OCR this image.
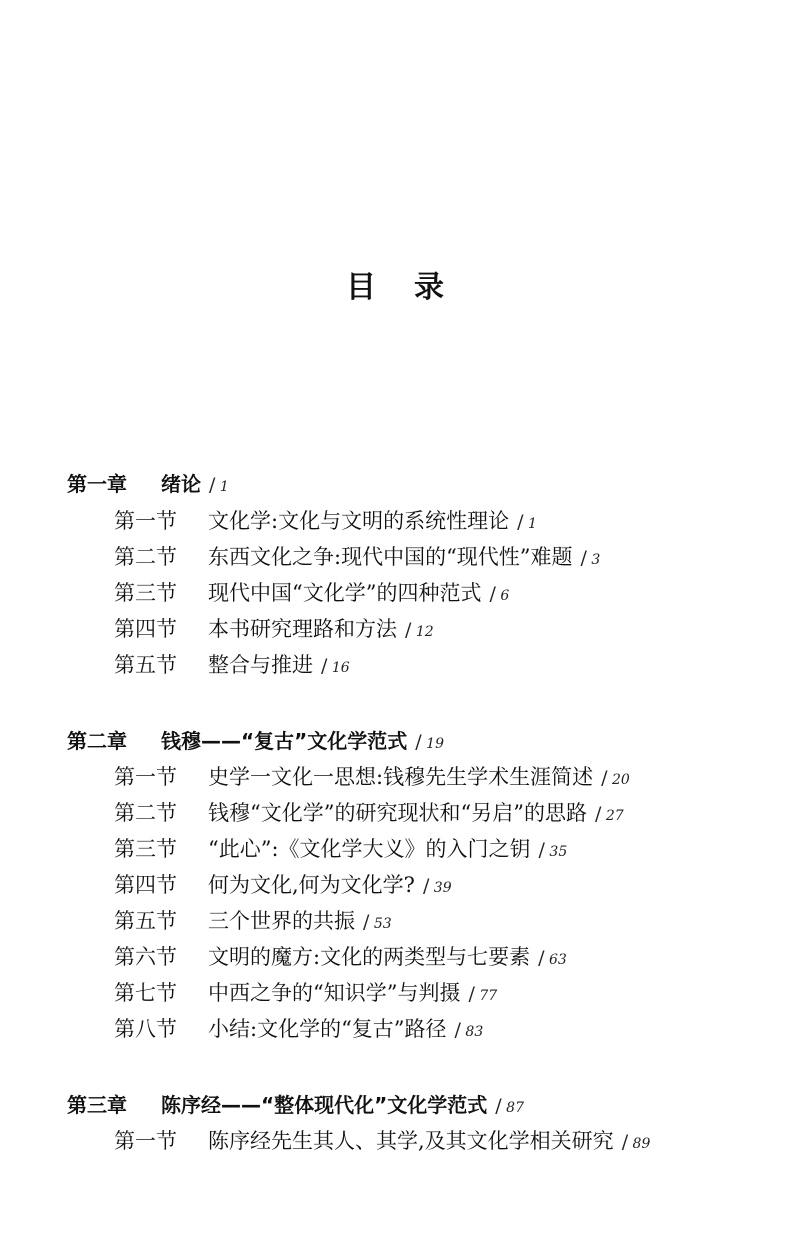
目 录
第一章 绪论 / 1
第一节 文化学:文化与文明的系统性理论 / 1
第二节 东西文化之争:现代中国的“现代性”难题 / 3
第三节 现代中国“文化学”的四种范式 / 6
第四节 本书研究理路和方法 / 12
第五节 整合与推进 / 16
第二章 钱穆——“复古”文化学范式 / 19
第一节 史学一文化一思想:钱穆先生学术生涯简述 / 20
第二节 钱穆“文化学”的研究现状和“另启”的思路 / 27
第三节 “此心”:《文化学大义》的入门之钥 / 35
第四节 何为文化,何为文化学? / 39
第五节 三个世界的共振 / 53
第六节 文明的魔方:文化的两类型与七要素 / 63
第七节 中西之争的“知识学”与判摄 / 77
第八节 小结:文化学的“复古”路径 / 83
第三章 陈序经——“整体现代化”文化学范式 / 87
第一节 陈序经先生其人、其学,及其文化学相关研究 / 89
